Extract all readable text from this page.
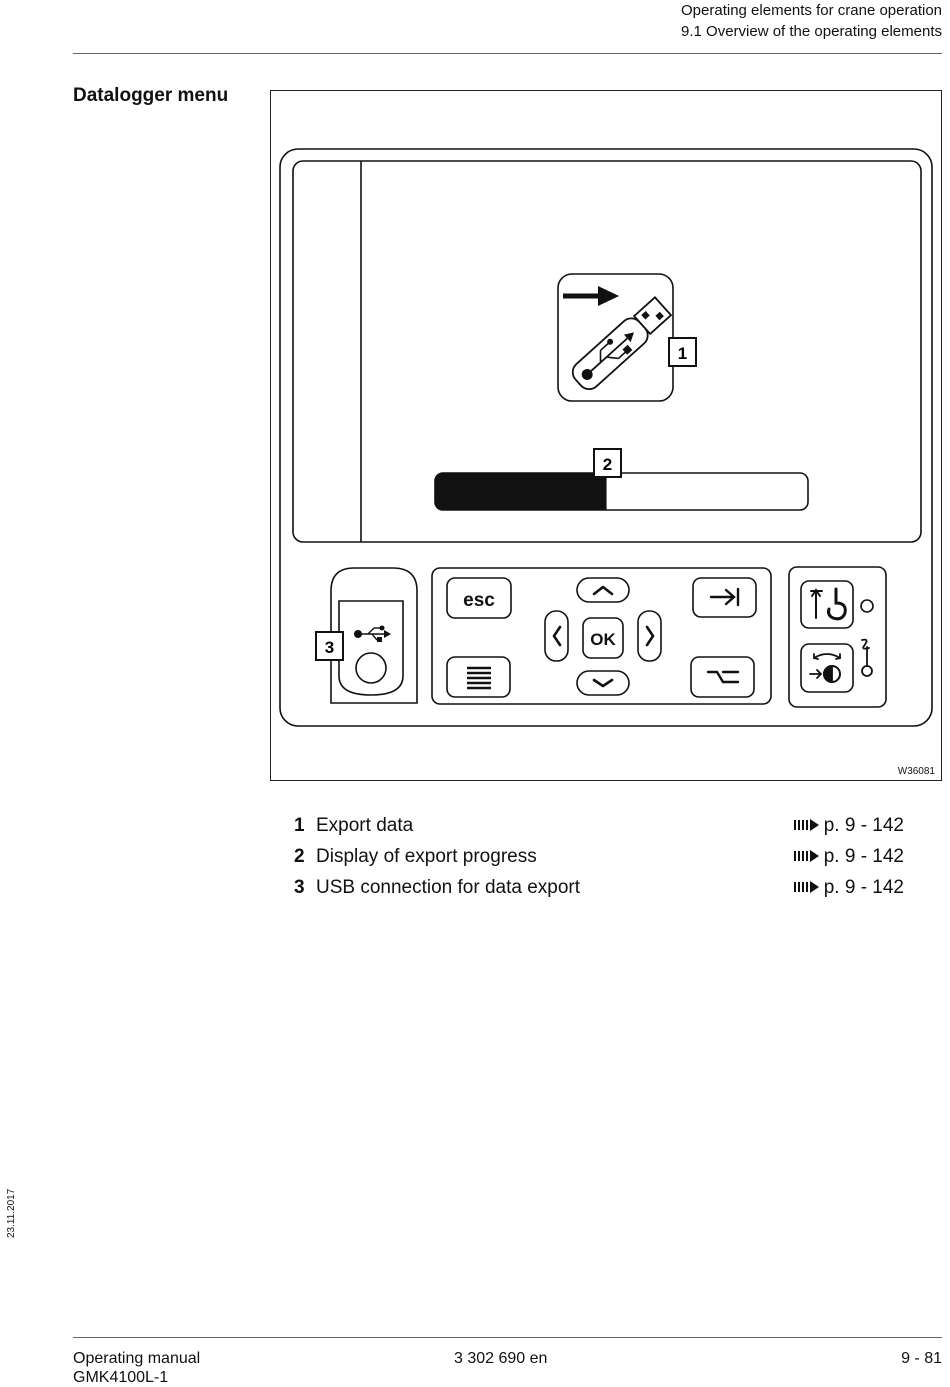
Operating elements for crane operation
9.1 Overview of the operating elements
Datalogger menu
1
2
3
esc
OK
W36081
1 Export data	p. 9 - 142
2 Display of export progress	p. 9 - 142
3 USB connection for data export	p. 9 - 142
23.11.2017
Operating manual
GMK4100L-1
3 302 690 en	9 - 81
